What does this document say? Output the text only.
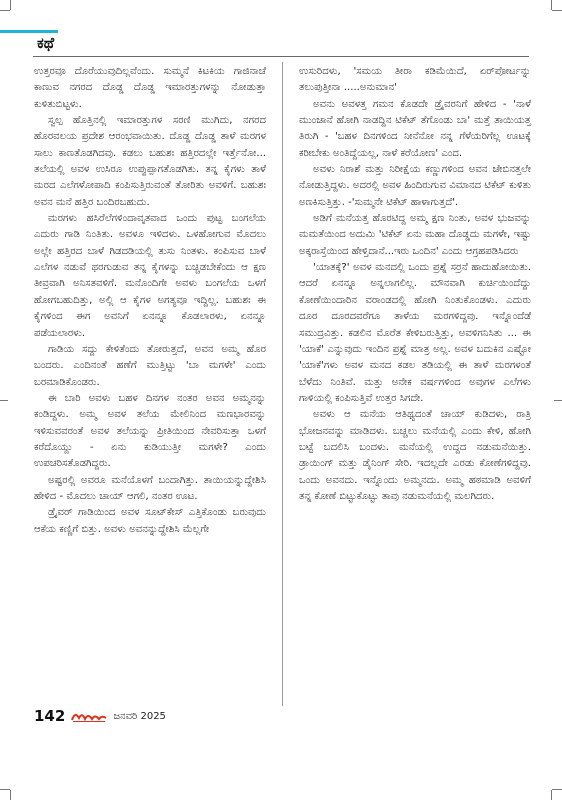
ಕಥೆ

ಉತ್ತರವೂ ದೊರೆಯುವುದಿಲ್ಲವೆಂದು. ಸುಮ್ಮನೆ ಕಿಟಕಿಯ ಗಾಜಿನಾಚೆ ಕಾಣುವ ನಗರದ ದೊಡ್ಡ ದೊಡ್ಡ ಇಮಾರತ್ತುಗಳನ್ನು ನೋಡುತ್ತಾ ಕುಳಿತುಬಿಟ್ಟಳು.

ಸ್ವಲ್ಪ ಹೊತ್ತಿನಲ್ಲಿ ಇಮಾರತ್ತುಗಳ ಸರಣಿ ಮುಗಿದು, ನಗರದ ಹೊರವಲಯ ಪ್ರದೇಶ ಆರಂಭವಾಯಿತು. ದೊಡ್ಡ ದೊಡ್ಡ ತಾಳೆ ಮರಗಳ ಸಾಲು ಕಾಣತೊಡಗಿದವು. ಕಡಲು ಬಹುಶಃ ಹತ್ತಿರದಲ್ಲೇ ಇರ್ತ್ತೆನೋ... ತಲೆಯಲ್ಲಿ ಅವಳ ಉಸಿರೂ ಉಪ್ಪುಪ್ಪಾಗತೊಡಗಿತು. ತನ್ನ ಕೈಗಳು ತಾಳೆ ಮರದ ಎಲೆಗಳೋಪಾದಿ ಕಂಪಿಸುತ್ತಿರುವಂತೆ ತೋರಿತು ಅವಳಿಗೆ. ಬಹುಶಃ ಅವನ ಮನೆ ಹತ್ತಿರ ಬಂದಿರಬಹುದು.

ಮರಗಳು ಹಸಿರೆಲೆಗಳಿಂದಾವೃತವಾದ ಒಂದು ಪುಟ್ಟ ಬಂಗಲೆಯ ಎದುರು ಗಾಡಿ ನಿಂತಿತು. ಅವಳೂ ಇಳಿದಳು. ಒಳಹೋಗುವ ಮೊದಲು ಅಲ್ಲೇ ಹತ್ತಿರದ ಬಾಳೆ ಗಿಡದಡಿಯಲ್ಲಿ ತುಸು ನಿಂತಳು. ಕಂಪಿಸುವ ಬಾಳೆ ಎಲೆಗಳ ನಡುವೆ ಥರಗುಡುವ ತನ್ನ ಕೈಗಳನ್ನು ಬಚ್ಚಿಡಬೇಕೆಂದು ಆ ಕ್ಷಣ ತೀವ್ರವಾಗಿ ಅನಿಸತವಳಿಗೆ. ಮನೊಂದಿಗೇ ಅವಳು ಬಂಗಲೆಯ ಒಳಗೆ ಹೋಗಬಹುದಿತ್ತು, ಅಲ್ಲಿ ಆ ಕೈಗಳ ಅಗತ್ಯವೂ ಇದ್ದಿಲ್ಲ. ಬಹುಶಃ ಈ ಕೈಗಳಿಂದ ಈಗ ಅವನಿಗೆ ಏನನ್ನೂ ಕೊಡಲಾರಳು, ಏನನ್ನೂ ಪಡೆಯಲಾರಳು.

ಗಾಡಿಯ ಸದ್ದು ಕೇಳಿತೆಂದು ತೋರುತ್ತದೆ, ಅವನ ಅಮ್ಮ ಹೊರ ಬಂದರು. ಎಂದಿನಂತೆ ಹಣೆಗೆ ಮುತ್ತಿಟ್ಟು 'ಬಾ ಮಗಳೇ' ಎಂದು ಬರಮಾಡಿಕೊಂಡರು.

ಈ ಬಾರಿ ಅವಳು ಬಹಳ ದಿನಗಳ ನಂತರ ಅವನ ಅಮ್ಮನನ್ನು ಕಂಡಿದ್ದಳು. ಅಮ್ಮ ಅವಳ ತಲೆಯ ಮೇಲಿನಿಂದ ಮಣಭಾರವನ್ನು ಇಳಿಸುವವರಂತೆ ಅವಳ ತಲೆಯನ್ನು ಪ್ರೀತಿಯಿಂದ ನೇವರಿಸುತ್ತಾ ಒಳಗೆ ಕರೆದೊಯ್ದು - ಏನು ಕುಡಿಯುತ್ತೀ ಮಗಳೇ? ಎಂದು ಉಪಚರಿಸತೊಡಗಿದ್ದರು.

ಅಷ್ಟರಲ್ಲಿ ಅವರೂ ಮನೆಯೊಳಗೆ ಬಂದಾಗಿತ್ತು. ತಾಯಿಯನ್ನುದ್ದೇಶಿಸಿ ಹೇಳಿದ - ಮೊದಲು ಚಾಯ್ ಆಗಲಿ, ನಂತರ ಊಟ.

ಡ್ರೈವರ್ ಗಾಡಿಯಿಂದ ಅವಳ ಸೂಟ್‌ಕೇಸ್ ಎತ್ತಿಕೊಂಡು ಬರುವುದು ಆಕೆಯ ಕಣ್ಣಿಗೆ ಬಿತ್ತು. ಅವಳು ಅವನನ್ನುದ್ದೇಶಿಸಿ ಮೆಲ್ಲಗೇ

ಉಸುರಿದಳು, 'ಸಮಯ ತೀರಾ ಕಡಿಮೆಯಿದೆ, ಏರ್‌ಪೋರ್ಟನ್ನು ತಲುಪುತ್ತೀನಾ .....ಅನುಮಾನ'

ಅವನು ಅವಳತ್ತ ಗಮನ ಕೊಡದೇ ಡ್ರೈವರನಿಗೆ ಹೇಳಿದ - 'ನಾಳೆ ಮುಂಜಾನೆ ಹೋಗಿ ನಾಡದ್ದಿನ ಟಿಕೆಟ್ ತೆಗೊಂಡು ಬಾ' ಮತ್ತೆ ತಾಯಿಯತ್ತ ತಿರುಗಿ - 'ಬಹಳ ದಿನಗಳಿಂದ ನೀನೆನೋ ನನ್ನ ಗೆಳೆಯರಿಗೆಲ್ಲ ಊಟಕ್ಕೆ ಕರೀಬೇಕು ಅಂತಿದ್ದೆಯಲ್ಲ, ನಾಳೆ ಕರೆಯೋಣ' ಎಂದ.

ಅವಳು ನಿರಾಶೆ ಮತ್ತು ನಿರೀಕ್ಷೆಯ ಕಣ್ಣುಗಳಿಂದ ಅವನ ಜೇಬಿನತ್ತಲೇ ನೋಡುತ್ತಿದ್ದಳು. ಅದರಲ್ಲಿ ಅವಳ ಹಿಂದಿರುಗುವ ವಿಮಾನದ ಟಿಕೆಟ್ ಕುಳಿತು ಅಣಕಿಸುತ್ತಿತ್ತು. -'ಸುಮ್ಮನೇ ಟಿಕೆಟ್ ಹಾಳಾಗುತ್ತದೆ'.

ಅಡಿಗೆ ಮನೆಯತ್ತ ಹೊರಟಿದ್ದ ಅಮ್ಮ ಕ್ಷಣ ನಿಂತು, ಅವಳ ಭುಜವನ್ನು ಮಮತೆಯಿಂದ ಅದುಮಿ 'ಟಿಕೆಟ್ ಏನು ಮಹಾ ದೊಡ್ಡದು ಮಗಳೇ, ಇಷ್ಟು ಅಕ್ಕರಾಸ್ತೆಯಿಂದ ಹೇಳ್ತಿದಾನೆ...ಇರು ಒಂದಿನ' ಎಂದು ಆಗ್ರಹಪಡಿಸಿದರು

'ಯಾತಕ್ಕೆ?' ಅವಳ ಮನದಲ್ಲಿ ಒಂದು ಪ್ರಶ್ನೆ ಸರ್ರನೆ ಹಾದುಹೋಯಿತು. ಆದರೆ ಏನನ್ನೂ ಅನ್ನಲಾಗಲಿಲ್ಲ. ಮೌನವಾಗಿ ಕುರ್ಚಿಯಿಂದೆದ್ದು ಕೋಣೆಯಿಂದಾರಿನ ವರಾಂಡದಲ್ಲಿ ಹೋಗಿ ನಿಂತುಕೊಂಡಳು. ಎದುರು ದೂರ ದೂರದವರೆಗೂ ತಾಳೆಯ ಮರಗಳಿದ್ದವು. ಇನ್ನೊಂದೆಡೆ ಸಮುದ್ರವಿತ್ತು. ಕಡಲಿನ ಮೊರೆತ ಕೇಳಿಬರುತ್ತಿತ್ತು, ಅವಳಿಗನಿಸಿತು ... ಈ 'ಯಾಕೆ' ಎನ್ನುವುದು ಇಂದಿನ ಪ್ರಶ್ನೆ ಮಾತ್ರ ಅಲ್ಲ. ಅವಳ ಬದುಕಿನ ಎಷ್ಟೋ 'ಯಾಕೆ'ಗಳು ಅವಳ ಮನದ ಕಡಲ ತಡಿಯಲ್ಲಿ ಈ ತಾಳೆ ಮರಗಳಂತೆ ಬೆಳೆದು ನಿಂತಿವೆ. ಮತ್ತು ಅನೇಕ ವರ್ಷಗಳಿಂದ ಅವುಗಳ ಎಲೆಗಳು ಗಾಳಿಯಲ್ಲಿ ಕಂಪಿಸುತ್ತಿವೆ ಉತ್ತರ ಸಿಗದೇ.

ಅವಳು ಆ ಮನೆಯ ಆತಿಥ್ಯದಂತೆ ಚಾಯ್ ಕುಡಿದಳು, ರಾತ್ರಿ ಭೋಜನವನ್ನು ಮಾಡಿದಳು. ಬಚ್ಚಲು ಮನೆಯಲ್ಲಿ ಎಂದು ಕೇಳಿ, ಹೋಗಿ ಬಟ್ಟೆ ಬದಲಿಸಿ ಬಂದಳು. ಮನೆಯಲ್ಲಿ ಉದ್ದದ ನಡುಮನೆಯಿತ್ತು. ಡ್ರಾಯಿಂಗ್ ಮತ್ತು ಡೈನಿಂಗ್ ಸೇರಿ. ಇದಲ್ಲದೇ ಎರಡು ಕೋಣೆಗಳಿದ್ದವು. ಒಂದು ಅವನದು. ಇನ್ನೊಂದು ಅಮ್ಮನದು. ಅಮ್ಮ ಹಠಮಾಡಿ ಅವಳಿಗೆ ತನ್ನ ಕೋಣೆ ಬಿಟ್ಟುಕೊಟ್ಟು ತಾವು ನಡುಮನೆಯಲ್ಲಿ ಮಲಗಿದರು.

142	ಜನವರಿ 2025
